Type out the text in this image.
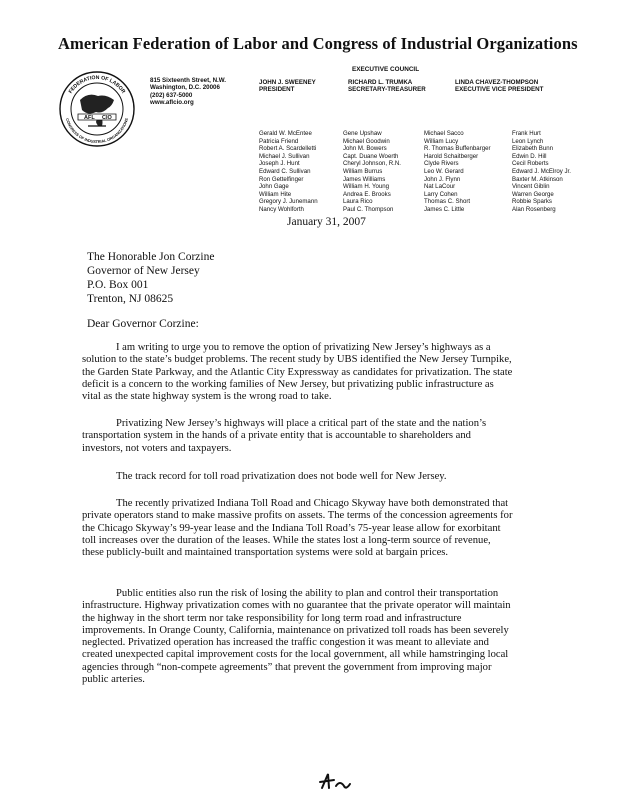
American Federation of Labor and Congress of Industrial Organizations
FEDERATION OF LABOR
CONGRESS OF INDUSTRIAL ORGANIZATIONS
AFL CIO
815 Sixteenth Street, N.W.
Washington, D.C. 20006
(202) 637-5000
www.aflcio.org
EXECUTIVE COUNCIL
JOHN J. SWEENEY
PRESIDENT
RICHARD L. TRUMKA
SECRETARY-TREASURER
LINDA CHAVEZ-THOMPSON
EXECUTIVE VICE PRESIDENT
Gerald W. McEntee
Patricia Friend
Robert A. Scardelletti
Michael J. Sullivan
Joseph J. Hunt
Edward C. Sullivan
Ron Gettelfinger
John Gage
William Hite
Gregory J. Junemann
Nancy Wohlforth
Gene Upshaw
Michael Goodwin
John M. Bowers
Capt. Duane Woerth
Cheryl Johnson, R.N.
William Burrus
James Williams
William H. Young
Andrea E. Brooks
Laura Rico
Paul C. Thompson
Michael Sacco
William Lucy
R. Thomas Buffenbarger
Harold Schaitberger
Clyde Rivers
Leo W. Gerard
John J. Flynn
Nat LaCour
Larry Cohen
Thomas C. Short
James C. Little
Frank Hurt
Leon Lynch
Elizabeth Bunn
Edwin D. Hill
Cecil Roberts
Edward J. McElroy Jr.
Baxter M. Atkinson
Vincent Giblin
Warren George
Robbie Sparks
Alan Rosenberg
January 31, 2007
The Honorable Jon Corzine
Governor of New Jersey
P.O. Box 001
Trenton, NJ 08625
Dear Governor Corzine:

I am writing to urge you to remove the option of privatizing New Jersey’s highways as a solution to the state’s budget problems. The recent study by UBS identified the New Jersey Turnpike, the Garden State Parkway, and the Atlantic City Expressway as candidates for privatization. The state deficit is a concern to the working families of New Jersey, but privatizing public infrastructure as vital as the state highway system is the wrong road to take.

Privatizing New Jersey’s highways will place a critical part of the state and the nation’s transportation system in the hands of a private entity that is accountable to shareholders and investors, not voters and taxpayers.

The track record for toll road privatization does not bode well for New Jersey.

The recently privatized Indiana Toll Road and Chicago Skyway have both demonstrated that private operators stand to make massive profits on assets. The terms of the concession agreements for the Chicago Skyway’s 99-year lease and the Indiana Toll Road’s 75-year lease allow for exorbitant toll increases over the duration of the leases. While the states lost a long-term source of revenue, these publicly-built and maintained transportation systems were sold at bargain prices.

Public entities also run the risk of losing the ability to plan and control their transportation infrastructure. Highway privatization comes with no guarantee that the private operator will maintain the highway in the short term nor take responsibility for long term road and infrastructure improvements. In Orange County, California, maintenance on privatized toll roads has been severely neglected. Privatized operation has increased the traffic congestion it was meant to alleviate and created unexpected capital improvement costs for the local government, all while hamstringing local agencies through “non-compete agreements” that prevent the government from improving major public arteries.
